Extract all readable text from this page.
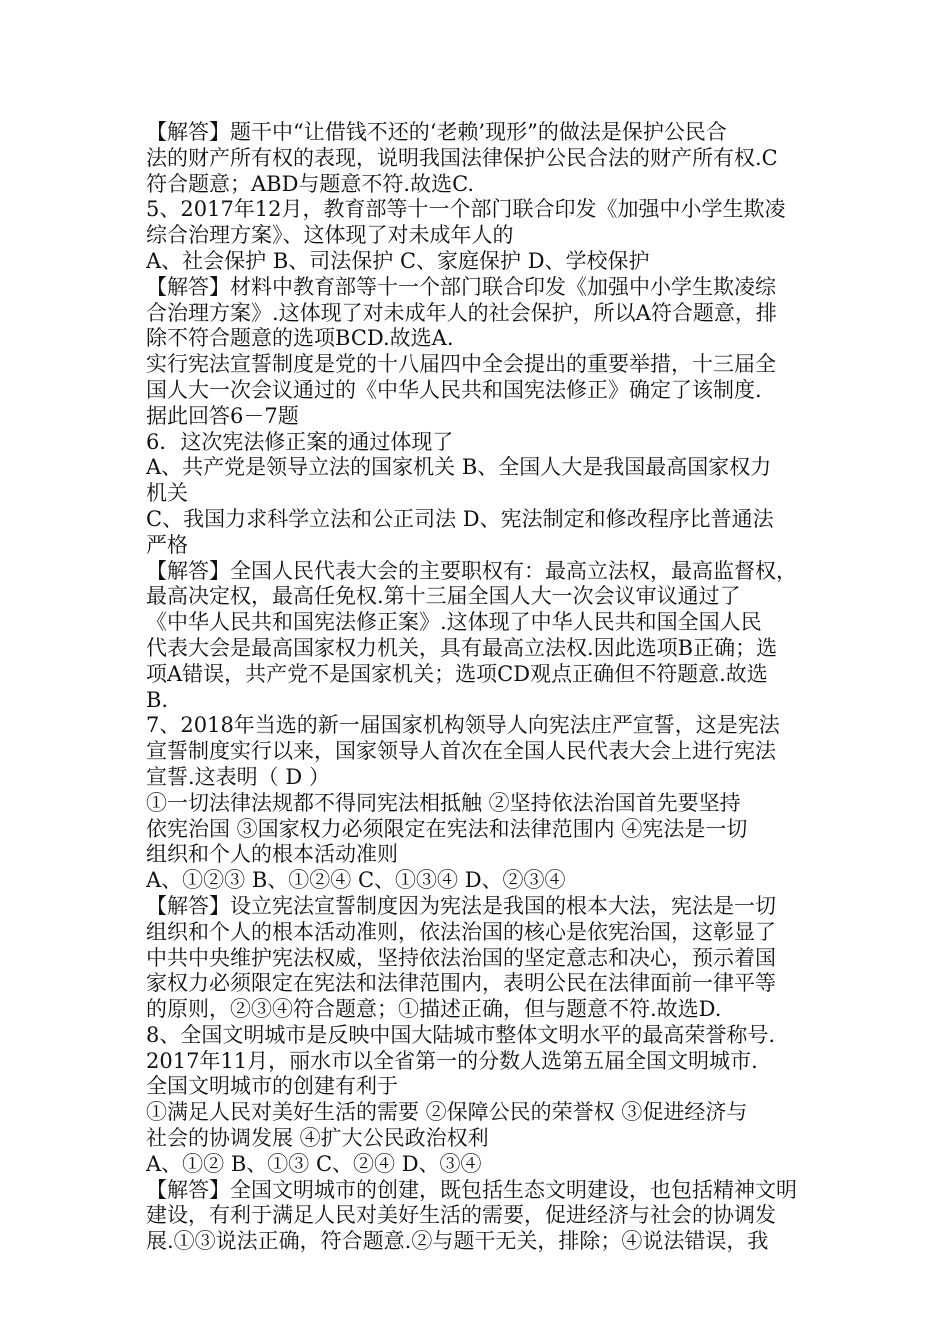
【解答】题干中“让借钱不还的‘老赖’现形”的做法是保护公民合
法的财产所有权的表现，说明我国法律保护公民合法的财产所有权.C
符合题意；ABD与题意不符.故选C.
5、2017年12月，教育部等十一个部门联合印发《加强中小学生欺凌
综合治理方案》、这体现了对未成年人的
A、社会保护 B、司法保护 C、家庭保护 D、学校保护
【解答】材料中教育部等十一个部门联合印发《加强中小学生欺凌综
合治理方案》.这体现了对未成年人的社会保护，所以A符合题意，排
除不符合题意的选项BCD.故选A.
实行宪法宣誓制度是党的十八届四中全会提出的重要举措，十三届全
国人大一次会议通过的《中华人民共和国宪法修正》确定了该制度.
据此回答6－7题
6．这次宪法修正案的通过体现了
A、共产党是领导立法的国家机关 B、全国人大是我国最高国家权力
机关
C、我国力求科学立法和公正司法 D、宪法制定和修改程序比普通法
严格
【解答】全国人民代表大会的主要职权有：最高立法权，最高监督权，
最高决定权，最高任免权.第十三届全国人大一次会议审议通过了
《中华人民共和国宪法修正案》.这体现了中华人民共和国全国人民
代表大会是最高国家权力机关，具有最高立法权.因此选项B正确；选
项A错误，共产党不是国家机关；选项CD观点正确但不符题意.故选
B.
7、2018年当选的新一届国家机构领导人向宪法庄严宣誓，这是宪法
宣誓制度实行以来，国家领导人首次在全国人民代表大会上进行宪法
宣誓.这表明（ D ）
①一切法律法规都不得同宪法相抵触 ②坚持依法治国首先要坚持
依宪治国 ③国家权力必须限定在宪法和法律范围内 ④宪法是一切
组织和个人的根本活动准则
A、①②③ B、①②④ C、①③④ D、②③④
【解答】设立宪法宣誓制度因为宪法是我国的根本大法，宪法是一切
组织和个人的根本活动准则，依法治国的核心是依宪治国，这彰显了
中共中央维护宪法权威，坚持依法治国的坚定意志和决心，预示着国
家权力必须限定在宪法和法律范围内，表明公民在法律面前一律平等
的原则，②③④符合题意；①描述正确，但与题意不符.故选D.
8、全国文明城市是反映中国大陆城市整体文明水平的最高荣誉称号.
2017年11月，丽水市以全省第一的分数人选第五届全国文明城市.
全国文明城市的创建有利于
①满足人民对美好生活的需要 ②保障公民的荣誉权 ③促进经济与
社会的协调发展 ④扩大公民政治权利
A、①② B、①③ C、②④ D、③④
【解答】全国文明城市的创建，既包括生态文明建设，也包括精神文明
建设，有利于满足人民对美好生活的需要，促进经济与社会的协调发
展.①③说法正确，符合题意.②与题干无关，排除；④说法错误，我
